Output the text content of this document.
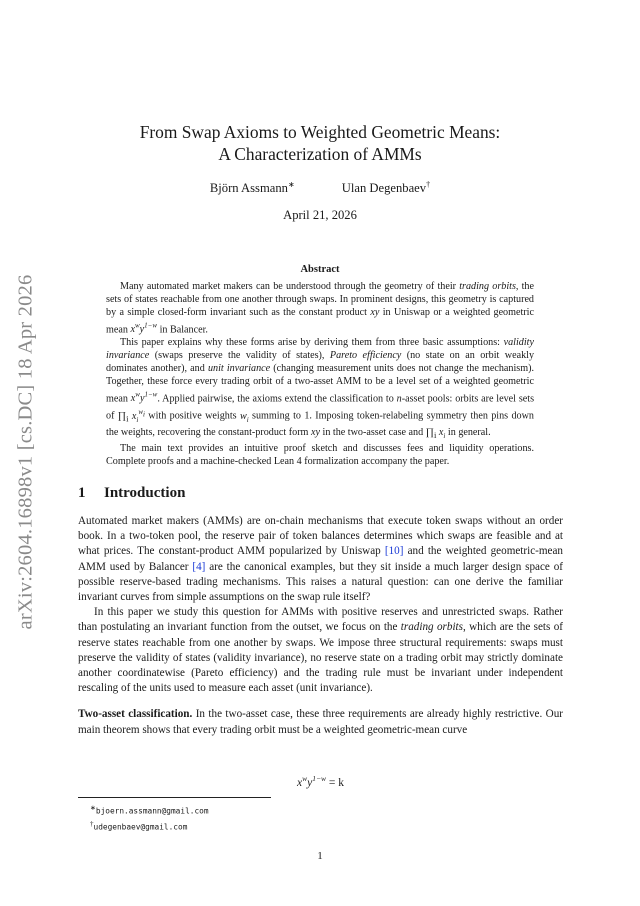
arXiv:2604.16898v1 [cs.DC] 18 Apr 2026
From Swap Axioms to Weighted Geometric Means:
A Characterization of AMMs
Björn Assmann∗	Ulan Degenbaev†
April 21, 2026
Abstract

Many automated market makers can be understood through the geometry of their trading orbits, the sets of states reachable from one another through swaps. In prominent designs, this geometry is captured by a simple closed-form invariant such as the constant product xy in Uniswap or a weighted geometric mean $x^wy^{1-w}$ in Balancer.

This paper explains why these forms arise by deriving them from three basic assumptions: validity invariance (swaps preserve the validity of states), Pareto efficiency (no state on an orbit weakly dominates another), and unit invariance (changing measurement units does not change the mechanism). Together, these force every trading orbit of a two-asset AMM to be a level set of a weighted geometric mean $x^wy^{1-w}$. Applied pairwise, the axioms extend the classification to n-asset pools: orbits are level sets of $\prod_i$ $x_i^{w_i}$ with positive weights $w_i$ summing to 1. Imposing token-relabeling symmetry then pins down the weights, recovering the constant-product form xy in the two-asset case and $\prod_i$ $x_i$ in general.

The main text provides an intuitive proof sketch and discusses fees and liquidity operations. Complete proofs and a machine-checked Lean 4 formalization accompany the paper.

1 Introduction

Automated market makers (AMMs) are on-chain mechanisms that execute token swaps without an order book. In a two-token pool, the reserve pair of token balances determines which swaps are feasible and at what prices. The constant-product AMM popularized by Uniswap [10] and the weighted geometric-mean AMM used by Balancer [4] are the canonical examples, but they sit inside a much larger design space of possible reserve-based trading mechanisms. This raises a natural question: can one derive the familiar invariant curves from simple assumptions on the swap rule itself?

In this paper we study this question for AMMs with positive reserves and unrestricted swaps. Rather than postulating an invariant function from the outset, we focus on the trading orbits, which are the sets of reserve states reachable from one another by swaps. We impose three structural requirements: swaps must preserve the validity of states (validity invariance), no reserve state on a trading orbit may strictly dominate another coordinatewise (Pareto efficiency) and the trading rule must be invariant under independent rescaling of the units used to measure each asset (unit invariance).

Two-asset classification. In the two-asset case, these three requirements are already highly restrictive. Our main theorem shows that every trading orbit must be a weighted geometric-mean curve

$x^wy^{1-w} = k$
∗bjoern.assmann@gmail.com
†udegenbaev@gmail.com
1
